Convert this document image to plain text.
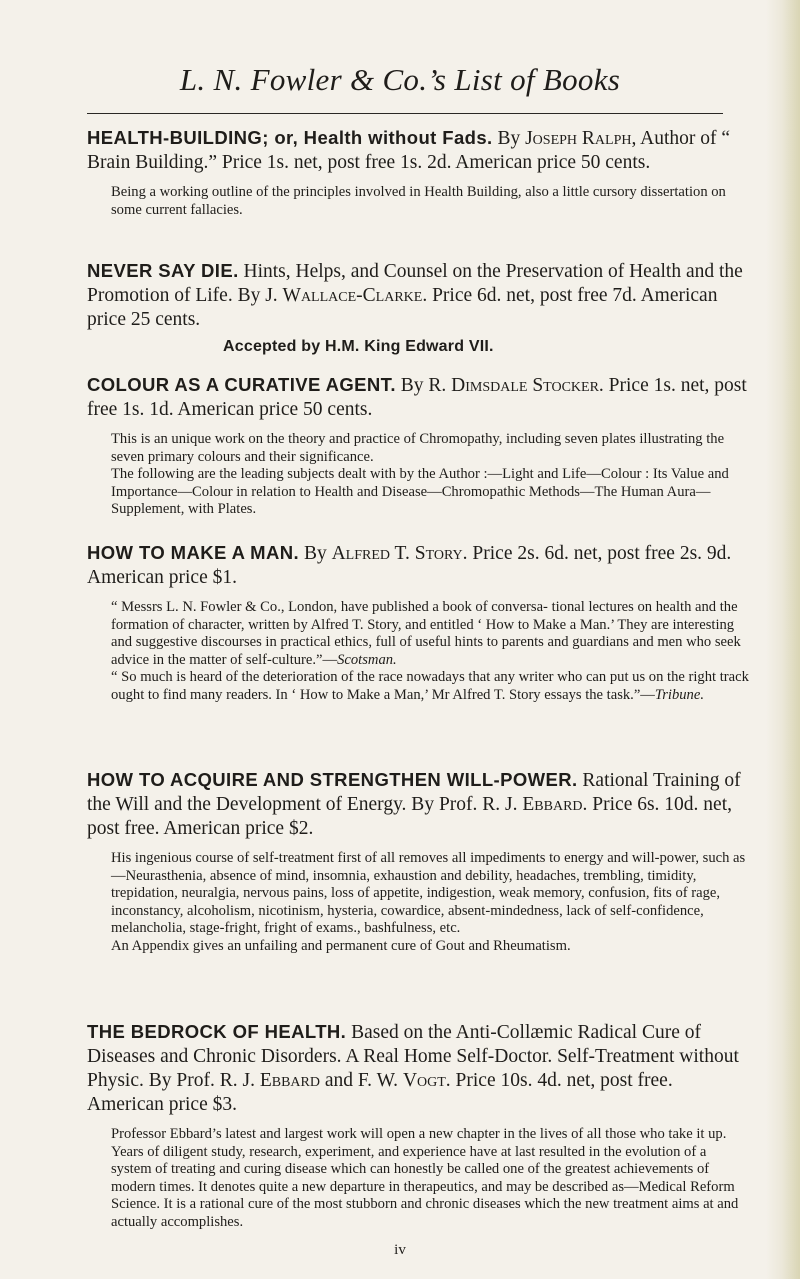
L. N. Fowler & Co.’s List of Books

HEALTH-BUILDING; or, Health without Fads. By Joseph Ralph, Author of “ Brain Building.” Price 1s. net, post free 1s. 2d. American price 50 cents.

Being a working outline of the principles involved in Health Building, also a little cursory dissertation on some current fallacies.

NEVER SAY DIE. Hints, Helps, and Counsel on the Preservation of Health and the Promotion of Life. By J. Wallace-Clarke. Price 6d. net, post free 7d. American price 25 cents.

Accepted by H.M. King Edward VII.

COLOUR AS A CURATIVE AGENT. By R. Dimsdale Stocker. Price 1s. net, post free 1s. 1d. American price 50 cents.

This is an unique work on the theory and practice of Chromopathy, including seven plates illustrating the seven primary colours and their significance.

The following are the leading subjects dealt with by the Author :—Light and Life—Colour : Its Value and Importance—Colour in relation to Health and Disease—Chromopathic Methods—The Human Aura—Supplement, with Plates.

HOW TO MAKE A MAN. By Alfred T. Story. Price 2s. 6d. net, post free 2s. 9d. American price $1.

“ Messrs L. N. Fowler & Co., London, have published a book of conversa- tional lectures on health and the formation of character, written by Alfred T. Story, and entitled ‘ How to Make a Man.’ They are interesting and suggestive discourses in practical ethics, full of useful hints to parents and guardians and men who seek advice in the matter of self-culture.”—Scotsman.

“ So much is heard of the deterioration of the race nowadays that any writer who can put us on the right track ought to find many readers. In ‘ How to Make a Man,’ Mr Alfred T. Story essays the task.”—Tribune.

HOW TO ACQUIRE AND STRENGTHEN WILL-POWER. Rational Training of the Will and the Development of Energy. By Prof. R. J. Ebbard. Price 6s. 10d. net, post free. American price $2.

His ingenious course of self-treatment first of all removes all impediments to energy and will-power, such as—Neurasthenia, absence of mind, insomnia, exhaustion and debility, headaches, trembling, timidity, trepidation, neuralgia, nervous pains, loss of appetite, indigestion, weak memory, confusion, fits of rage, inconstancy, alcoholism, nicotinism, hysteria, cowardice, absent-mindedness, lack of self-confidence, melancholia, stage-fright, fright of exams., bashfulness, etc.

An Appendix gives an unfailing and permanent cure of Gout and Rheumatism.

THE BEDROCK OF HEALTH. Based on the Anti-Collæmic Radical Cure of Diseases and Chronic Disorders. A Real Home Self-Doctor. Self-Treatment without Physic. By Prof. R. J. Ebbard and F. W. Vogt. Price 10s. 4d. net, post free. American price $3.

Professor Ebbard’s latest and largest work will open a new chapter in the lives of all those who take it up. Years of diligent study, research, experiment, and experience have at last resulted in the evolution of a system of treating and curing disease which can honestly be called one of the greatest achievements of modern times. It denotes quite a new departure in therapeutics, and may be described as—Medical Reform Science. It is a rational cure of the most stubborn and chronic diseases which the new treatment aims at and actually accomplishes.

iv
